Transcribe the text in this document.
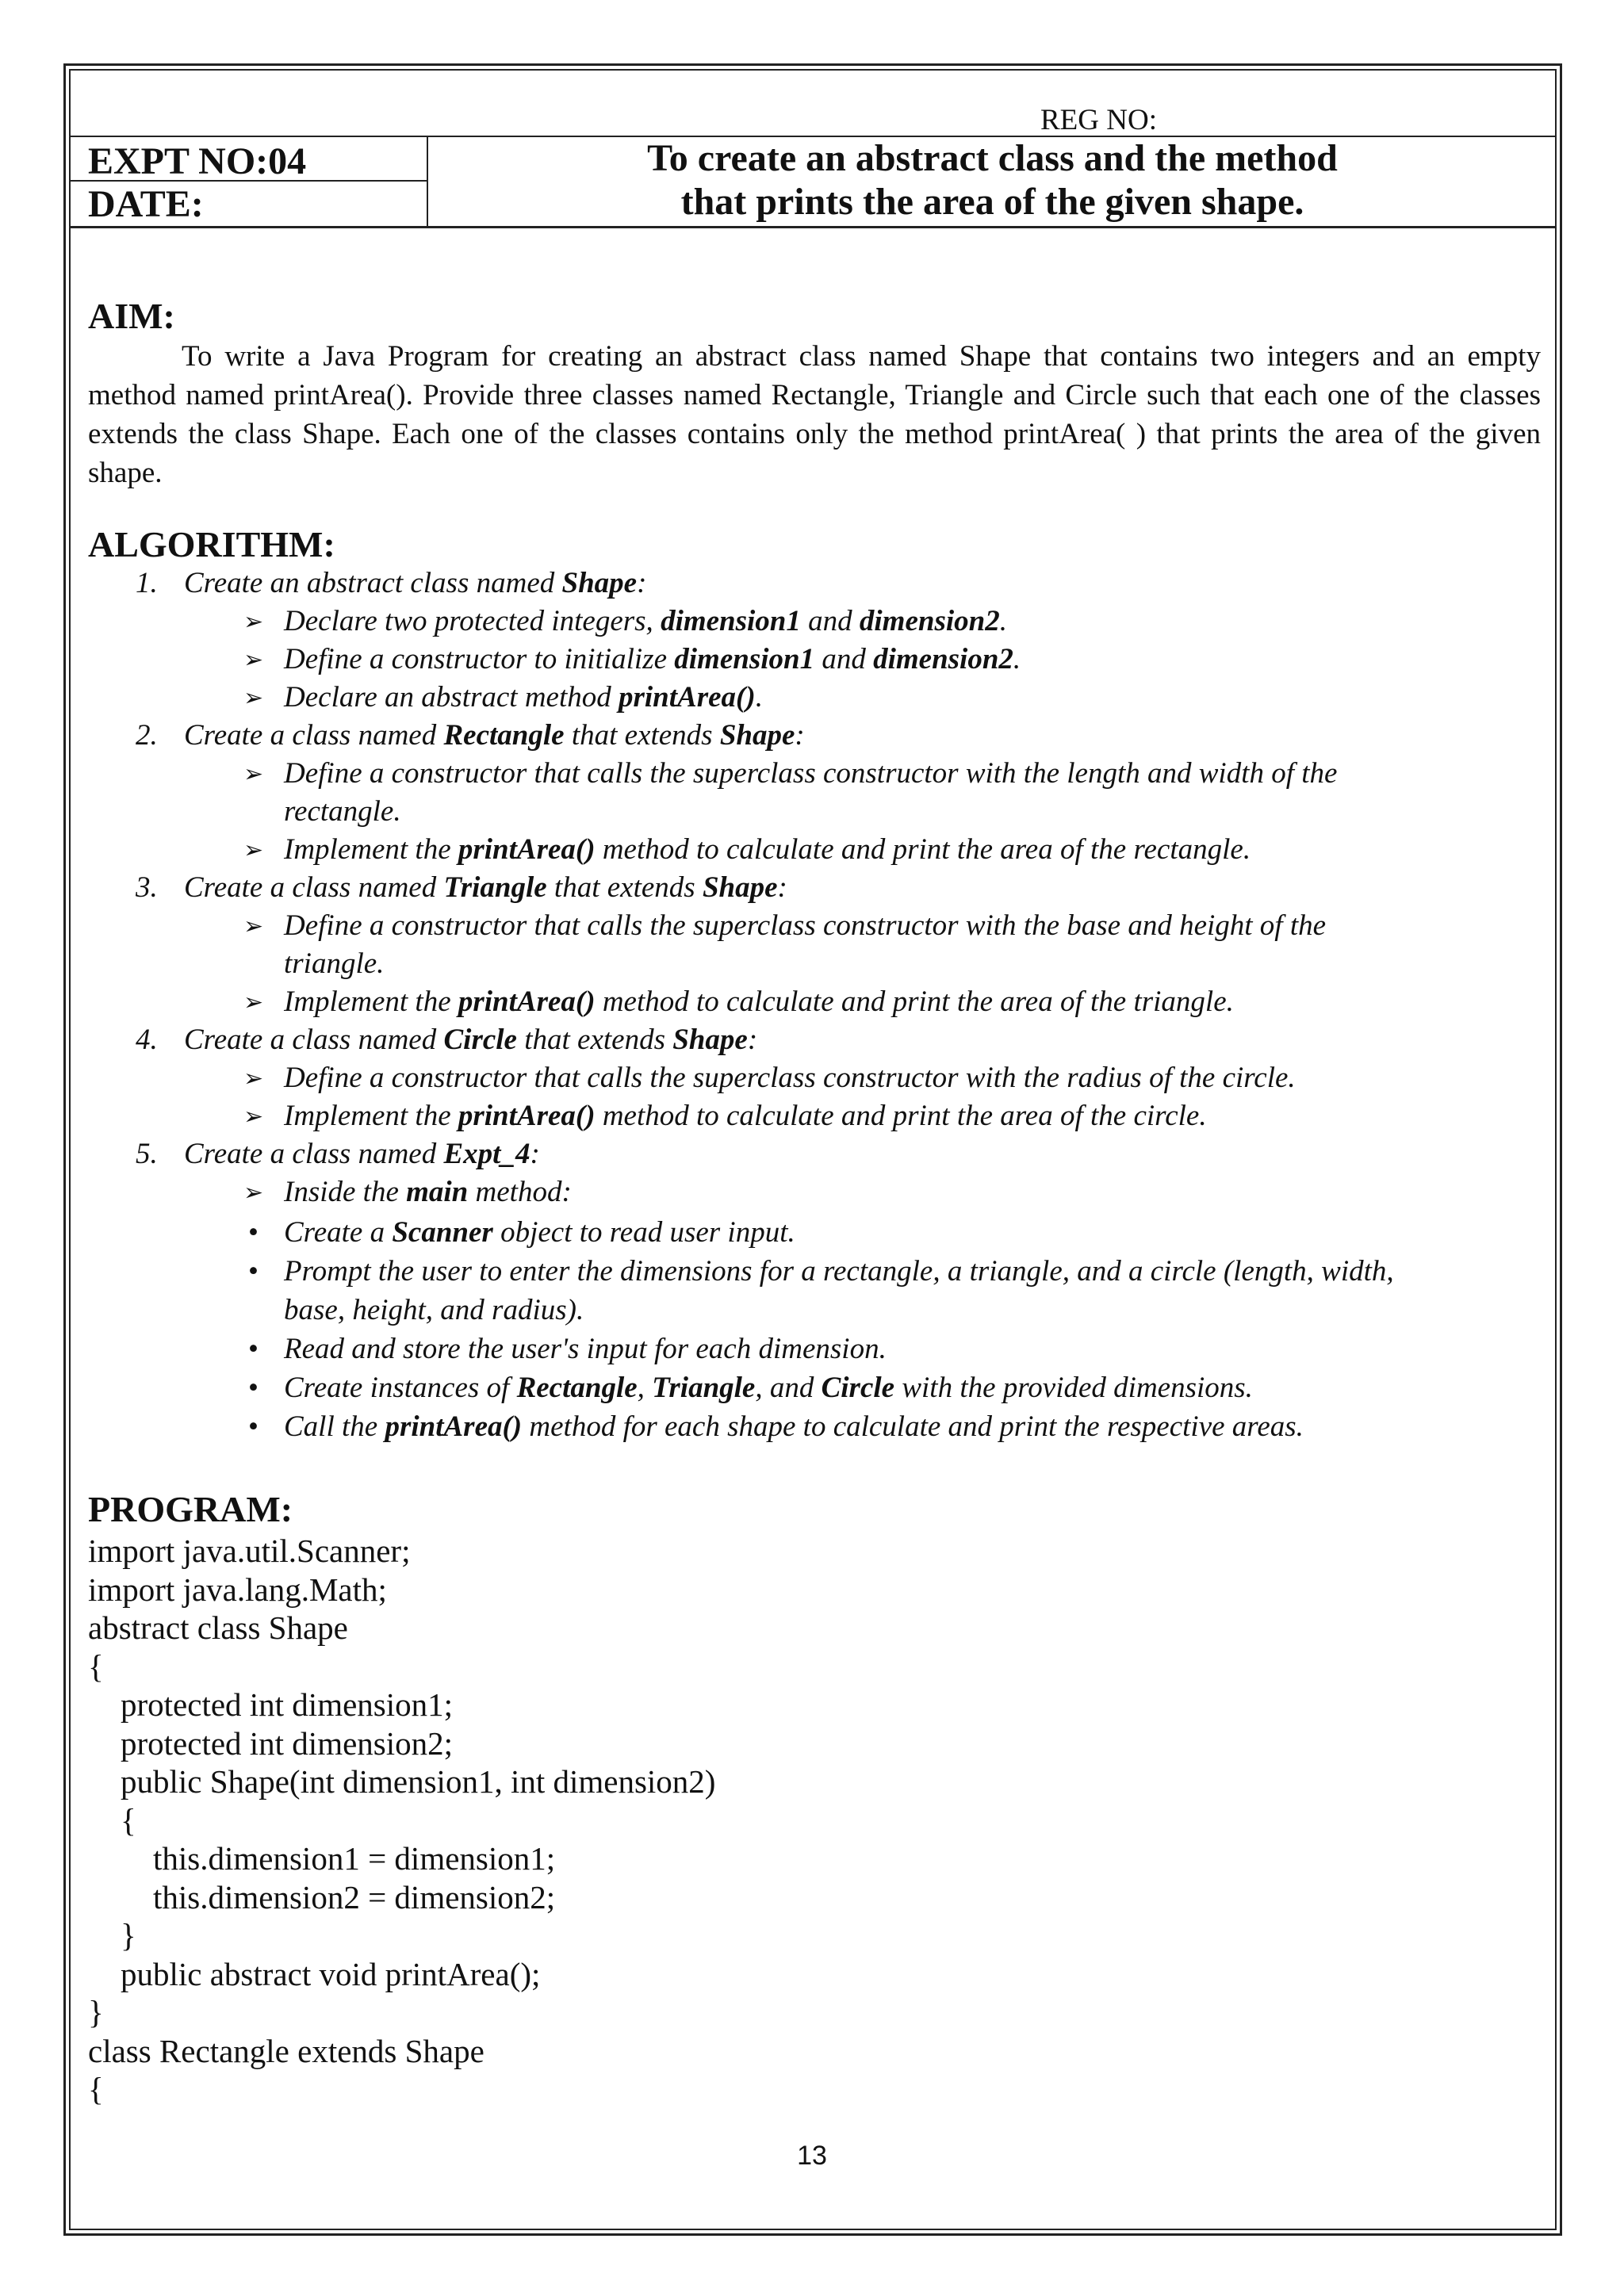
REG NO:
EXPT NO:04
DATE:
To create an abstract class and the method
that prints the area of the given shape.
AIM:
To write a Java Program for creating an abstract class named Shape that contains two integers and an empty method named printArea(). Provide three classes named Rectangle, Triangle and Circle such that each one of the classes extends the class Shape. Each one of the classes contains only the method printArea( ) that prints the area of the given shape.
ALGORITHM:
1. Create an abstract class named Shape:
➢ Declare two protected integers, dimension1 and dimension2.
➢ Define a constructor to initialize dimension1 and dimension2.
➢ Declare an abstract method printArea().
2. Create a class named Rectangle that extends Shape:
➢ Define a constructor that calls the superclass constructor with the length and width of the
rectangle.
➢ Implement the printArea() method to calculate and print the area of the rectangle.
3. Create a class named Triangle that extends Shape:
➢ Define a constructor that calls the superclass constructor with the base and height of the
triangle.
➢ Implement the printArea() method to calculate and print the area of the triangle.
4. Create a class named Circle that extends Shape:
➢ Define a constructor that calls the superclass constructor with the radius of the circle.
➢ Implement the printArea() method to calculate and print the area of the circle.
5. Create a class named Expt_4:
➢ Inside the main method:
• Create a Scanner object to read user input.
• Prompt the user to enter the dimensions for a rectangle, a triangle, and a circle (length, width,
base, height, and radius).
• Read and store the user's input for each dimension.
• Create instances of Rectangle, Triangle, and Circle with the provided dimensions.
• Call the printArea() method for each shape to calculate and print the respective areas.
PROGRAM:
import java.util.Scanner;
import java.lang.Math;
abstract class Shape
{
protected int dimension1;
protected int dimension2;
public Shape(int dimension1, int dimension2)
{
this.dimension1 = dimension1;
this.dimension2 = dimension2;
}
public abstract void printArea();
}
class Rectangle extends Shape
{
13
